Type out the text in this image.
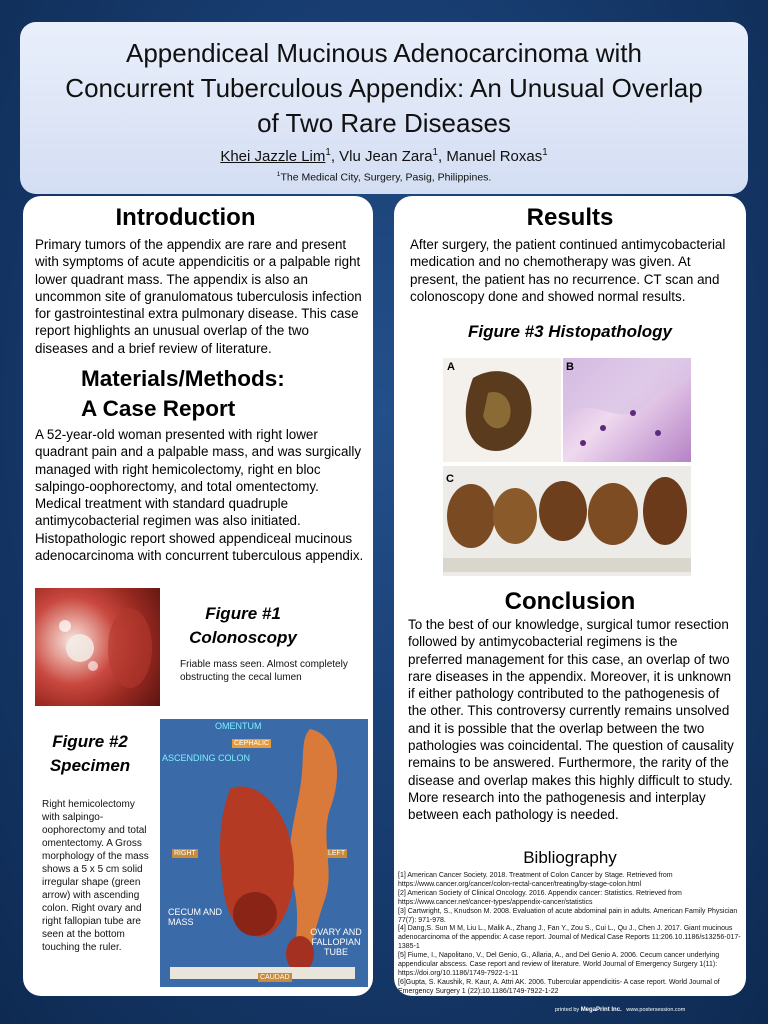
Appendiceal Mucinous Adenocarcinoma with Concurrent Tuberculous Appendix: An Unusual Overlap of Two Rare Diseases
Khei Jazzle Lim$^1$, Vlu Jean Zara$^1$, Manuel Roxas$^1$
$^1$The Medical City, Surgery, Pasig, Philippines.
Introduction
Primary tumors of the appendix are rare and present with symptoms of acute appendicitis or a palpable right lower quadrant mass. The appendix is also an uncommon site of granulomatous tuberculosis infection for gastrointestinal extra pulmonary disease. This case report highlights an unusual overlap of the two diseases and a brief review of literature.
Materials/Methods:
A Case Report
A 52-year-old woman presented with right lower quadrant pain and a palpable mass, and was surgically managed with right hemicolectomy, right en bloc salpingo-oophorectomy, and total omentectomy. Medical treatment with standard quadruple antimycobacterial regimen was also initiated. Histopathologic report showed appendiceal mucinous adenocarcinoma with concurrent tuberculous appendix.
Figure #1
Colonoscopy
Friable mass seen. Almost completely obstructing the cecal lumen
Figure #2
Specimen
Right hemicolectomy with salpingo-oophorectomy and total omentectomy. A Gross morphology of the mass shows a 5 x 5 cm solid irregular shape (green arrow) with ascending colon. Right ovary and right fallopian tube are seen at the bottom touching the ruler.
OMENTUM
CEPHALIC
ASCENDING COLON
RIGHT	LEFT
CECUM AND MASS
OVARY AND FALLOPIAN TUBE
CAUDAD
Results
After surgery, the patient continued antimycobacterial medication and no chemotherapy was given. At present, the patient has no recurrence. CT scan and colonoscopy done and showed normal results.
Figure #3 Histopathology
A	B
C
Conclusion
To the best of our knowledge, surgical tumor resection followed by antimycobacterial regimens is the preferred management for this case, an overlap of two rare diseases in the appendix. Moreover, it is unknown if either pathology contributed to the pathogenesis of the other. This controversy currently remains unsolved and it is possible that the overlap between the two pathologies was coincidental. The question of causality remains to be answered. Furthermore, the rarity of the disease and overlap makes this highly difficult to study. More research into the pathogenesis and interplay between each pathology is needed.
Bibliography

[1] American Cancer Society. 2018. Treatment of Colon Cancer by Stage. Retrieved from https://www.cancer.org/cancer/colon-rectal-cancer/treating/by-stage-colon.html

[2] American Society of Clinical Oncology. 2016. Appendix cancer: Statistics. Retrieved from https://www.cancer.net/cancer-types/appendix-cancer/statistics

[3] Cartwright, S., Knudson M. 2008. Evaluation of acute abdominal pain in adults. American Family Physician 77(7): 971-978.

[4] Dang,S. Sun M M, Liu L., Malik A., Zhang J., Fan Y., Zou S., Cui L., Qu J., Chen J. 2017. Giant mucinous adenocarcinoma of the appendix: A case report. Journal of Medical Case Reports 11:206.10.1186/s13256-017-1385-1

[5] Fiume, I., Napolitano, V., Del Genio, G., Allaria, A., and Del Genio A. 2006. Cecum cancer underlying appendicular abscess. Case report and review of literature. World Journal of Emergency Surgery 1(11): https://doi.org/10.1186/1749-7922-1-11

[6]Gupta, S. Kaushik, R. Kaur, A. Attri AK. 2006. Tubercular appendicitis- A case report. World Journal of Emergency Surgery 1 (22):10.1186/1749-7922-1-22

printed by MegaPrint Inc. www.postersession.com
